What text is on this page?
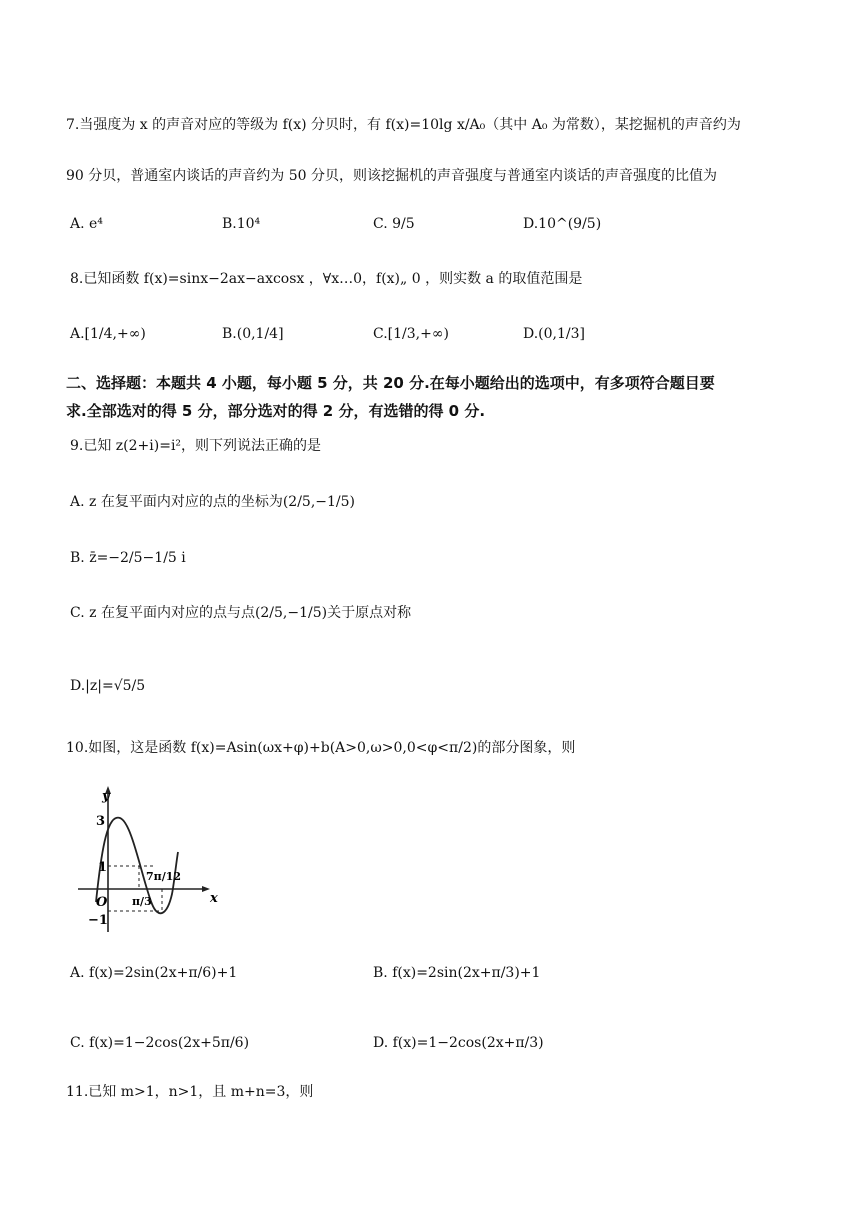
7.当强度为 x 的声音对应的等级为 f(x) 分贝时，有 f(x)=10lg x/A₀（其中 A₀ 为常数），某挖掘机的声音约为
90 分贝，普通室内谈话的声音约为 50 分贝，则该挖掘机的声音强度与普通室内谈话的声音强度的比值为
A. e⁴	B.10⁴	C. 9/5	D.10^(9/5)
8.已知函数 f(x)=sinx−2ax−axcosx ，∀x…0，f(x)„ 0 ，则实数 a 的取值范围是
A.[1/4,+∞)	B.(0,1/4]	C.[1/3,+∞)	D.(0,1/3]
二、选择题：本题共 4 小题，每小题 5 分，共 20 分.在每小题给出的选项中，有多项符合题目要
求.全部选对的得 5 分，部分选对的得 2 分，有选错的得 0 分.
9.已知 z(2+i)=i²，则下列说法正确的是
A. z 在复平面内对应的点的坐标为(2/5,−1/5)
B. z̄=−2/5−1/5 i
C. z 在复平面内对应的点与点(2/5,−1/5)关于原点对称
D.|z|=√5/5
10.如图，这是函数 f(x)=Asin(ωx+φ)+b(A>0,ω>0,0<φ<π/2)的部分图象，则
y
x
O
3
1
−1
π/3
7π/12
A. f(x)=2sin(2x+π/6)+1	B. f(x)=2sin(2x+π/3)+1
C. f(x)=1−2cos(2x+5π/6)	D. f(x)=1−2cos(2x+π/3)
11.已知 m>1，n>1，且 m+n=3，则
